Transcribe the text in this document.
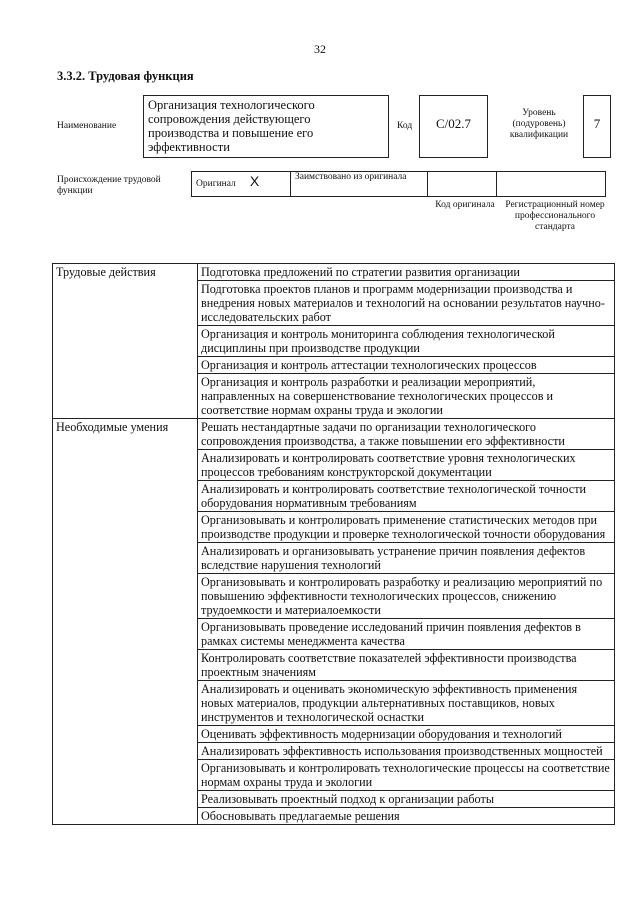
32
3.3.2. Трудовая функция
Наименование
Организация технологического сопровождения действующего производства и повышение его эффективности
Код	C/02.7
Уровень (подуровень) квалификации
7
Происхождение трудовой функции
Оригинал X	Заимствовано из оригинала		
Код оригинала	Регистрационный номер профессионального стандарта
Трудовые действия	Подготовка предложений по стратегии развития организации
	Подготовка проектов планов и программ модернизации производства и внедрения новых материалов и технологий на основании результатов научно-исследовательских работ
	Организация и контроль мониторинга соблюдения технологической дисциплины при производстве продукции
	Организация и контроль аттестации технологических процессов
	Организация и контроль разработки и реализации мероприятий, направленных на совершенствование технологических процессов и соответствие нормам охраны труда и экологии
Необходимые умения	Решать нестандартные задачи по организации технологического сопровождения производства, а также повышении его эффективности
	Анализировать и контролировать соответствие уровня технологических процессов требованиям конструкторской документации
	Анализировать и контролировать соответствие технологической точности оборудования нормативным требованиям
	Организовывать и контролировать применение статистических методов при производстве продукции и проверке технологической точности оборудования
	Анализировать и организовывать устранение причин появления дефектов вследствие нарушения технологий
	Организовывать и контролировать разработку и реализацию мероприятий по повышению эффективности технологических процессов, снижению трудоемкости и материалоемкости
	Организовывать проведение исследований причин появления дефектов в рамках системы менеджмента качества
	Контролировать соответствие показателей эффективности производства проектным значениям
	Анализировать и оценивать экономическую эффективность применения новых материалов, продукции альтернативных поставщиков, новых инструментов и технологической оснастки
	Оценивать эффективность модернизации оборудования и технологий
	Анализировать эффективность использования производственных мощностей
	Организовывать и контролировать технологические процессы на соответствие нормам охраны труда и экологии
	Реализовывать проектный подход к организации работы
	Обосновывать предлагаемые решения
